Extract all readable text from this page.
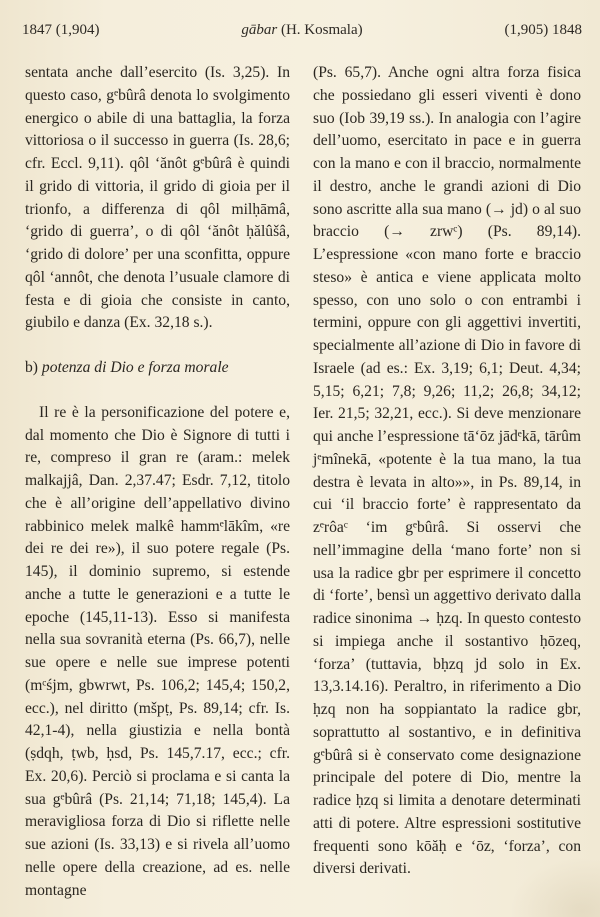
1847 (1,904)	gābar (H. Kosmala)	(1,905) 1848

sentata anche dall’esercito (Is. 3,25). In questo caso, gᵉbûrâ denota lo svolgimento energico o abile di una battaglia, la forza vittoriosa o il successo in guerra (Is. 28,6; cfr. Eccl. 9,11). qôl ‘ănôt gᵉbûrâ è quindi il grido di vittoria, il grido di gioia per il trionfo, a differenza di qôl milḥāmâ, ‘grido di guerra’, o di qôl ‘ănôt ḥălûšâ, ‘grido di dolore’ per una sconfitta, oppure qôl ‘annôt, che denota l’usuale clamore di festa e di gioia che consiste in canto, giubilo e danza (Ex. 32,18 s.).

b) potenza di Dio e forza morale

Il re è la personificazione del potere e, dal momento che Dio è Signore di tutti i re, compreso il gran re (aram.: melek malkajjâ, Dan. 2,37.47; Esdr. 7,12, titolo che è all’origine dell’appellativo divino rabbinico melek malkê hammᵉlākîm, «re dei re dei re»), il suo potere regale (Ps. 145), il dominio supremo, si estende anche a tutte le generazioni e a tutte le epoche (145,11-13). Esso si manifesta nella sua sovranità eterna (Ps. 66,7), nelle sue opere e nelle sue imprese potenti (mᶜśjm, gbwrwt, Ps. 106,2; 145,4; 150,2, ecc.), nel diritto (mšpṭ, Ps. 89,14; cfr. Is. 42,1-4), nella giustizia e nella bontà (ṣdqh, ṭwb, ḥsd, Ps. 145,7.17, ecc.; cfr. Ex. 20,6). Perciò si proclama e si canta la sua gᵉbûrâ (Ps. 21,14; 71,18; 145,4). La meravigliosa forza di Dio si riflette nelle sue azioni (Is. 33,13) e si rivela all’uomo nelle opere della creazione, ad es. nelle montagne

(Ps. 65,7). Anche ogni altra forza fisica che possiedano gli esseri viventi è dono suo (Iob 39,19 ss.). In analogia con l’agire dell’uomo, esercitato in pace e in guerra con la mano e con il braccio, normalmente il destro, anche le grandi azioni di Dio sono ascritte alla sua mano (→ jd) o al suo braccio (→ zrwᶜ) (Ps. 89,14). L’espressione «con mano forte e braccio steso» è antica e viene applicata molto spesso, con uno solo o con entrambi i termini, oppure con gli aggettivi invertiti, specialmente all’azione di Dio in favore di Israele (ad es.: Ex. 3,19; 6,1; Deut. 4,34; 5,15; 6,21; 7,8; 9,26; 11,2; 26,8; 34,12; Ier. 21,5; 32,21, ecc.). Si deve menzionare qui anche l’espressione tā‘ōz jādᵉkā, tārûm jᵉmînekā, «potente è la tua mano, la tua destra è levata in alto»», in Ps. 89,14, in cui ‘il braccio forte’ è rappresentato da zᵉrôaᶜ ‘im gᵉbûrâ. Si osservi che nell’immagine della ‘mano forte’ non si usa la radice gbr per esprimere il concetto di ‘forte’, bensì un aggettivo derivato dalla radice sinonima → ḥzq. In questo contesto si impiega anche il sostantivo ḥōzeq, ‘forza’ (tuttavia, bḥzq jd solo in Ex. 13,3.14.16). Peraltro, in riferimento a Dio ḥzq non ha soppiantato la radice gbr, soprattutto al sostantivo, e in definitiva gᵉbûrâ si è conservato come designazione principale del potere di Dio, mentre la radice ḥzq si limita a denotare determinati atti di potere. Altre espressioni sostitutive frequenti sono kōăḥ e ‘ōz, ‘forza’, con diversi derivati.
